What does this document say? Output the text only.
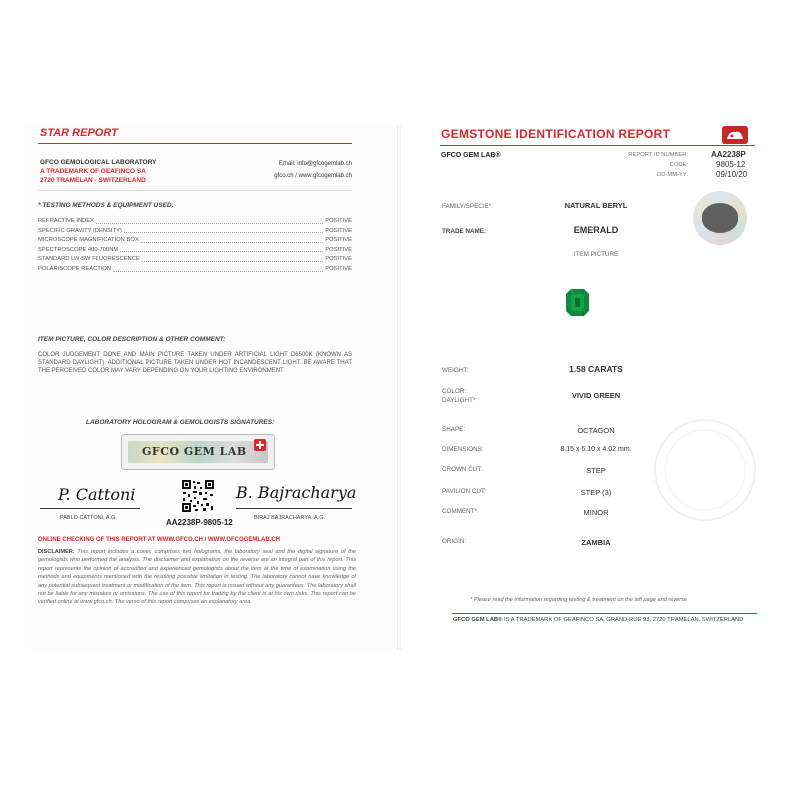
STAR REPORT
GFCO GEMOLOGICAL LABORATORY
A TRADEMARK OF GEAFINCO SA
2720 TRAMELAN - SWITZERLAND
Email: info@gfcogemlab.ch
gfco.ch / www.gfcogemlab.ch
* TESTING METHODS & EQUIPMENT USED:
REFRACTIVE INDEX	POSITIVE
SPECIFIC GRAVITY (DENSITY)	POSITIVE
MICROSCOPE MAGNIFICATION BOX	POSITIVE
SPECTROSCOPE 400-700NM	POSITIVE
STANDARD LW-SW FLUORESCENCE	POSITIVE
POLARISCOPE REACTION	POSITIVE
ITEM PICTURE, COLOR DESCRIPTION & OTHER COMMENT:
COLOR JUDGEMENT DONE AND MAIN PICTURE TAKEN UNDER ARTIFICIAL LIGHT D6500K (KNOWN AS STANDARD DAYLIGHT). ADDITIONAL PICTURE TAKEN UNDER HOT INCANDESCENT LIGHT. BE AWARE THAT THE PERCEIVED COLOR MAY VARY DEPENDING ON YOUR LIGHTING ENVIRONMENT
LABORATORY HOLOGRAM & GEMOLOGISTS SIGNATURES:
GFCO GEM LAB
P. Cattoni
PABLO CATTONI, A.G.	AA2238P-9805-12
B. Bajracharya
BIRAJ BAJRACHARYA, A.G.
ONLINE CHECKING OF THIS REPORT AT WWW.GFCO.CH / WWW.GFCOGEMLAB.CH
DISCLAIMER: This report includes a cover, comprises two holograms, the laboratory seal and the digital signature of the gemologists who performed the analysis. The disclaimer and explanation on the reverse are an integral part of this report. This report represents the opinion of accredited and experienced gemologists about the item at the time of examination using the methods and equipments mentioned with the resulting possible limitation in testing. The laboratory cannot have knowledge of any potential subsequent treatment or modification of the item. This report is issued without any guarantees. The laboratory shall not be liable for any mistakes or omissions. The use of this report for trading by the client is at his own risks. This report can be verified online at www.gfco.ch. The verso of this report comprises an explanatory area.
GEMSTONE IDENTIFICATION REPORT
GFCO GEM LAB®	REPORT ID NUMBER:	AA2238P
CODE:	9805-12
DD-MM-YY:	09/10/20
FAMILY/SPECIE*:	NATURAL BERYL
TRADE NAME:	EMERALD
ITEM PICTURE
WEIGHT:	1.58 CARATS
COLOR:
DAYLIGHT*:
VIVID GREEN
SHAPE:	OCTAGON
DIMENSIONS:	8.15 x 6.10 x 4.02 mm.
CROWN CUT:	STEP
PAVILION CUT:	STEP (3)
COMMENT*:	MINOR
ORIGIN:	ZAMBIA
* Please read the information regarding testing & treatment on the left page and reverse
GFCO GEM LAB® IS A TRADEMARK OF GEAFINCO SA, GRAND-RUE 93, 2720 TRAMELAN, SWITZERLAND
